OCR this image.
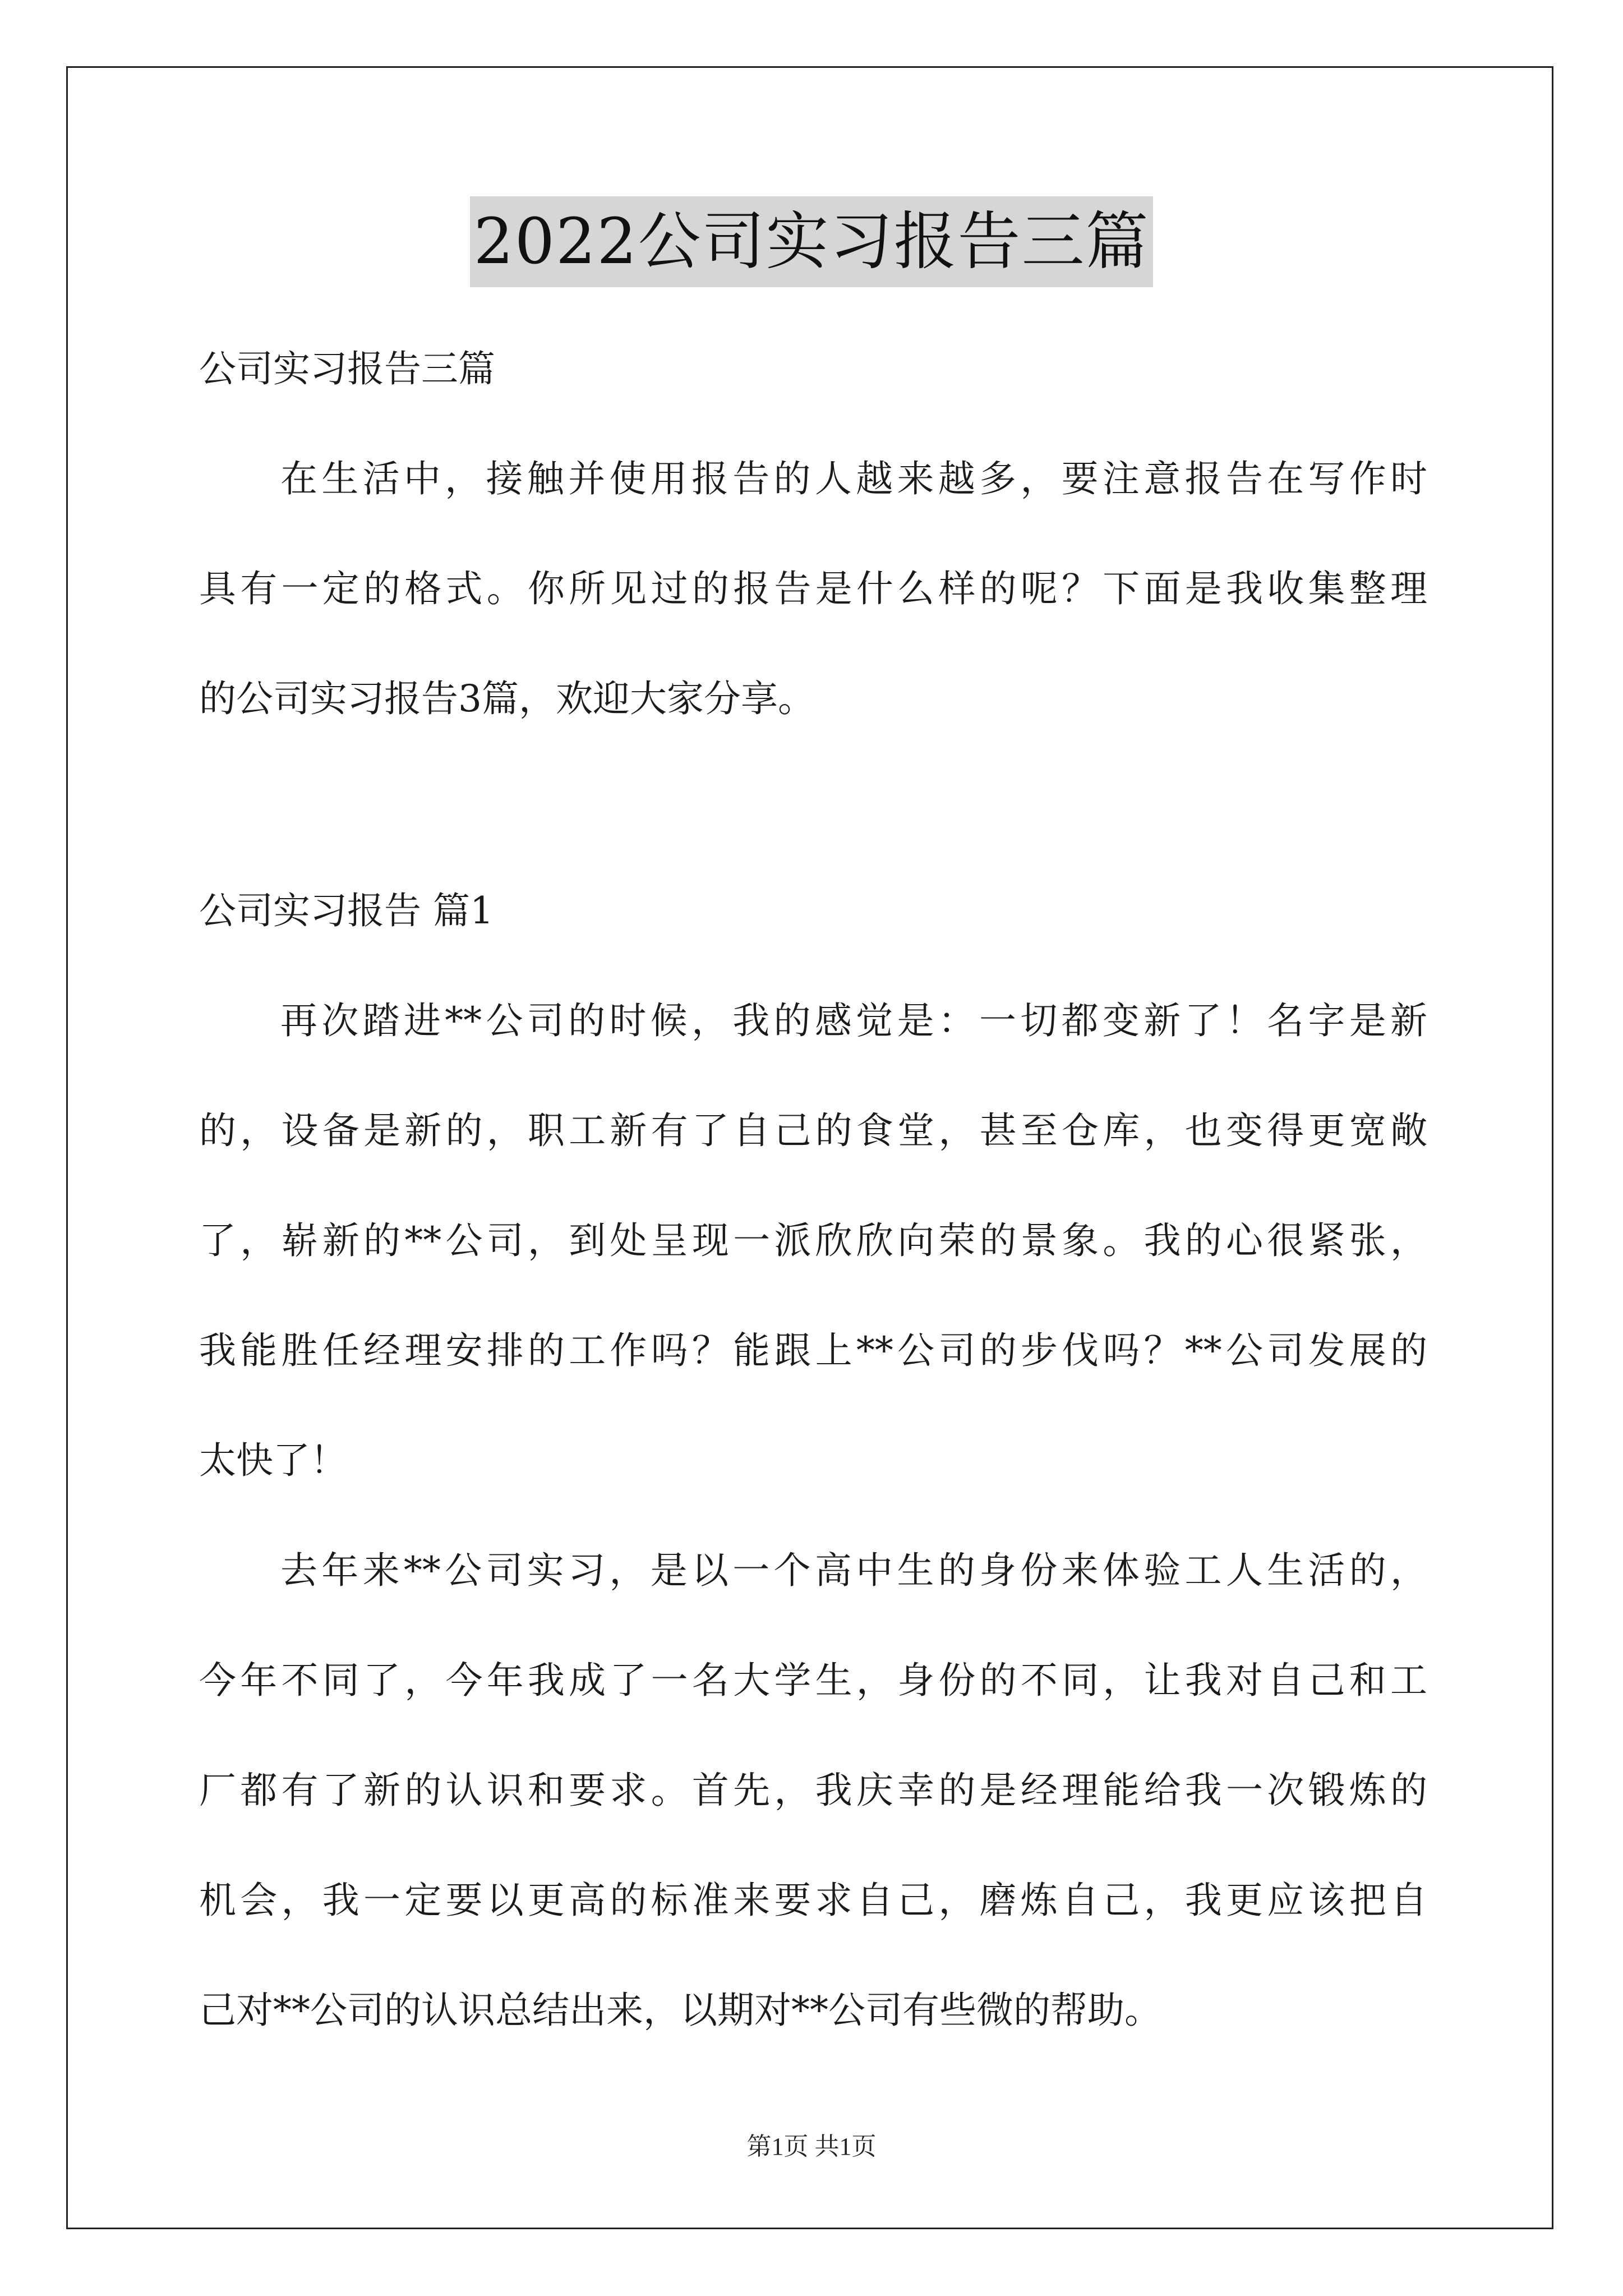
2022公司实习报告三篇
公司实习报告三篇
在生活中，接触并使用报告的人越来越多，要注意报告在写作时
具有一定的格式。你所见过的报告是什么样的呢？下面是我收集整理
的公司实习报告3篇，欢迎大家分享。
公司实习报告 篇1
再次踏进**公司的时候，我的感觉是：一切都变新了！名字是新
的，设备是新的，职工新有了自己的食堂，甚至仓库，也变得更宽敞
了，崭新的**公司，到处呈现一派欣欣向荣的景象。我的心很紧张，
我能胜任经理安排的工作吗？能跟上**公司的步伐吗？**公司发展的
太快了！
去年来**公司实习，是以一个高中生的身份来体验工人生活的，
今年不同了，今年我成了一名大学生，身份的不同，让我对自己和工
厂都有了新的认识和要求。首先，我庆幸的是经理能给我一次锻炼的
机会，我一定要以更高的标准来要求自己，磨炼自己，我更应该把自
己对**公司的认识总结出来，以期对**公司有些微的帮助。
第1页 共1页
